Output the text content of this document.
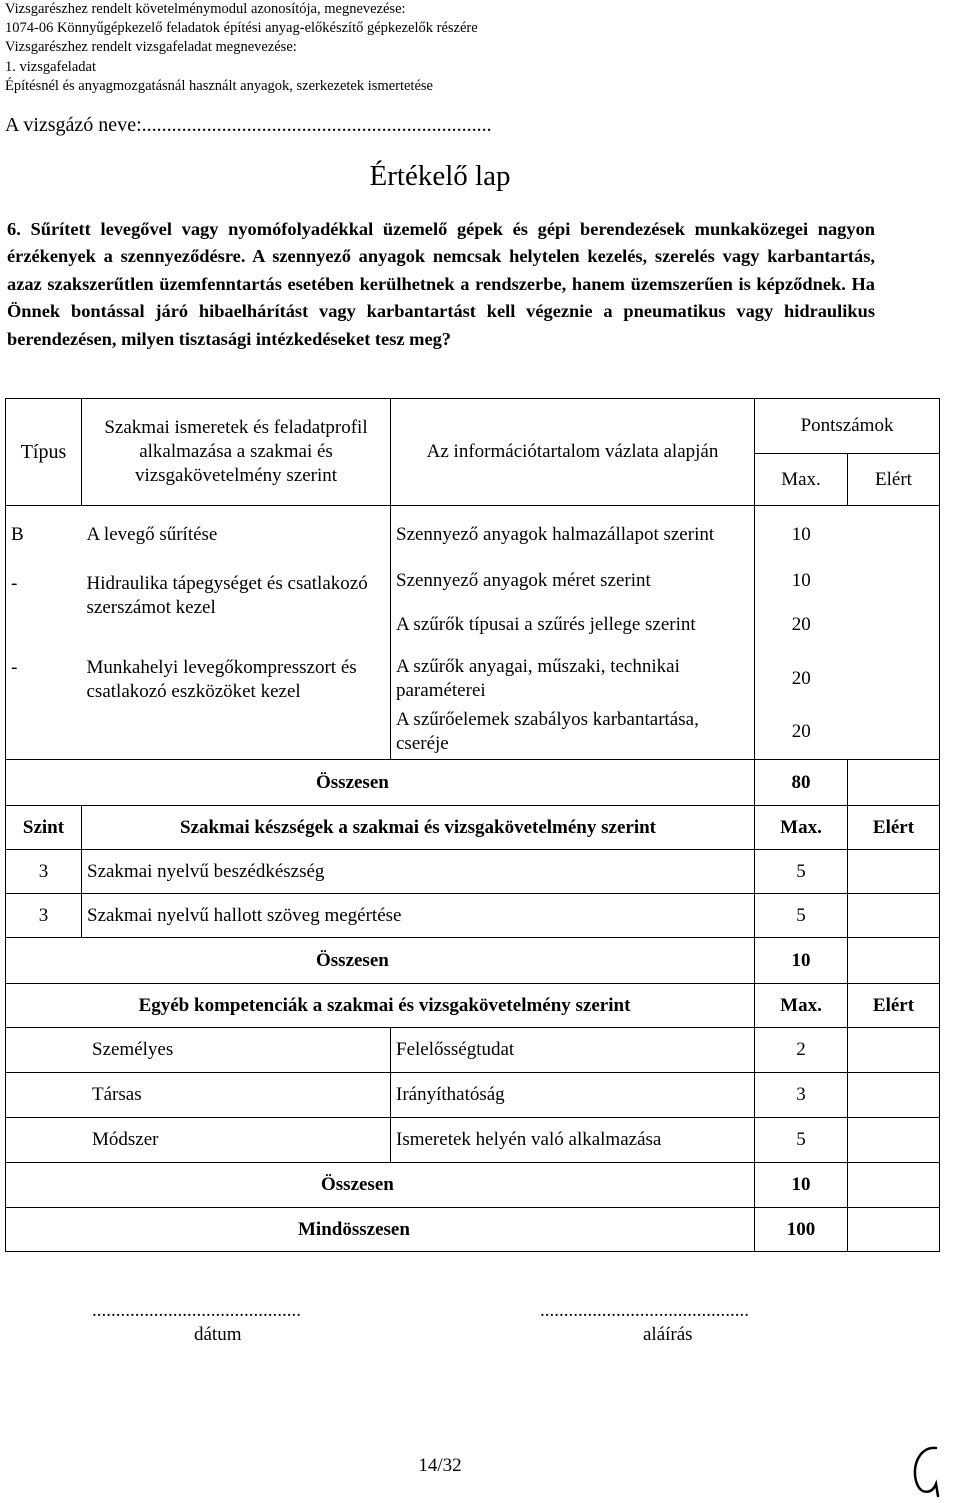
Vizsgarészhez rendelt követelménymodul azonosítója, megnevezése:
1074-06 Könnyűgépkezelő feladatok építési anyag-előkészítő gépkezelők részére
Vizsgarészhez rendelt vizsgafeladat megnevezése:
1. vizsgafeladat
Építésnél és anyagmozgatásnál használt anyagok, szerkezetek ismertetése
A vizsgázó neve:......................................................................
Értékelő lap

6. Sűrített levegővel vagy nyomófolyadékkal üzemelő gépek és gépi berendezések munkaközegei nagyon érzékenyek a szennyeződésre. A szennyező anyagok nemcsak helytelen kezelés, szerelés vagy karbantartás, azaz szakszerűtlen üzemfenntartás esetében kerülhetnek a rendszerbe, hanem üzemszerűen is képződnek. Ha Önnek bontással járó hibaelhárítást vagy karbantartást kell végeznie a pneumatikus vagy hidraulikus berendezésen, milyen tisztasági intézkedéseket tesz meg?

Típus	Szakmai ismeretek és feladatprofil alkalmazása a szakmai és vizsgakövetelmény szerint	Az információtartalom vázlata alapján	Pontszámok	
			Max.	Elért
B	A levegő sűrítése	Szennyező anyagok halmazállapot szerint	10	
-	Hidraulika tápegységet és csatlakozó szerszámot kezel	Szennyező anyagok méret szerint	10	
		A szűrők típusai a szűrés jellege szerint	20	
-	Munkahelyi levegőkompresszort és csatlakozó eszközöket kezel	A szűrők anyagai, műszaki, technikai paraméterei	20	
		A szűrőelemek szabályos karbantartása, cseréje	20	
Összesen			80	
Szint	Szakmai készségek a szakmai és vizsgakövetelmény szerint		Max.	Elért
3	Szakmai nyelvű beszédkészség		5	
3	Szakmai nyelvű hallott szöveg megértése		5	
Összesen			10	
Egyéb kompetenciák a szakmai és vizsgakövetelmény szerint			Max.	Elért
Személyes		Felelősségtudat	2	
Társas		Irányíthatóság	3	
Módszer		Ismeretek helyén való alkalmazása	5	
Összesen			10	
Mindösszesen			100	
............................................
dátum
............................................
aláírás
14/32
